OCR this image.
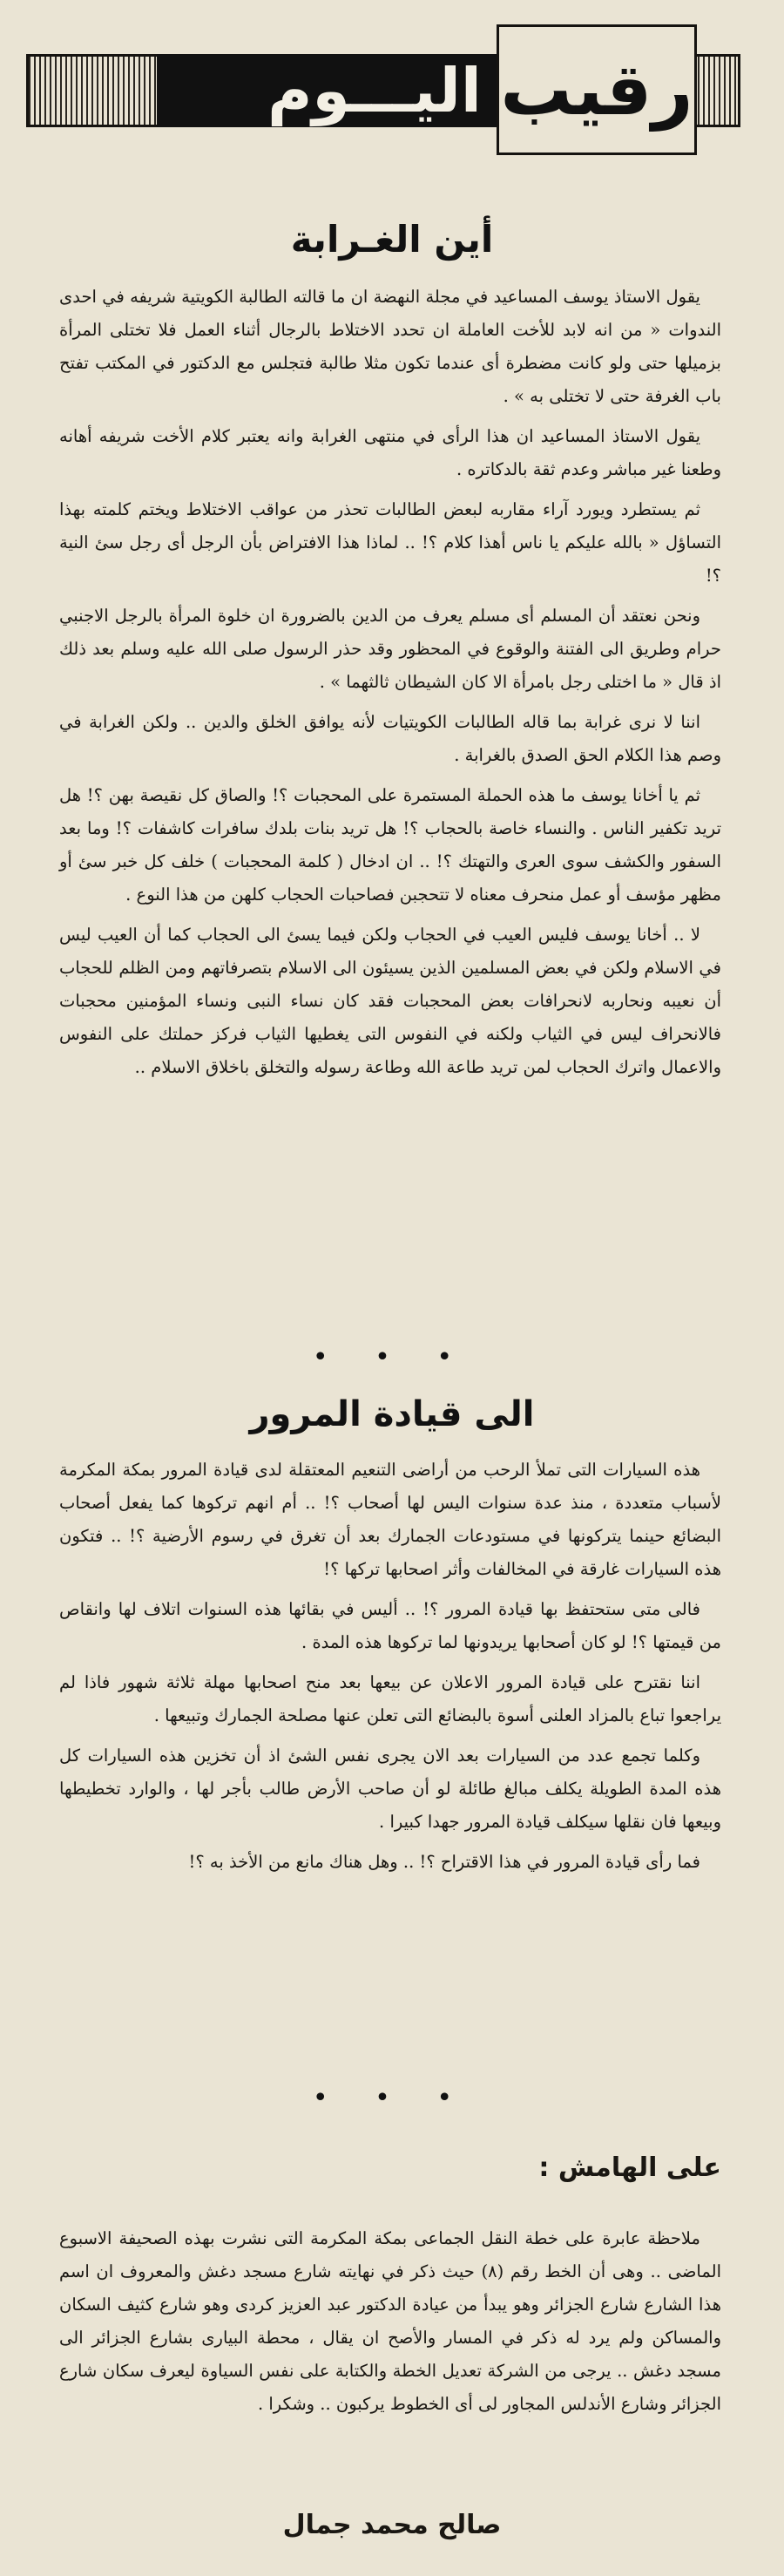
اليـــوم رقيب
أين الغـرابة

يقول الاستاذ يوسف المساعيد في مجلة النهضة ان ما قالته الطالبة الكويتية شريفه في احدى الندوات « من انه لابد للأخت العاملة ان تحدد الاختلاط بالرجال أثناء العمل فلا تختلى المرأة بزميلها حتى ولو كانت مضطرة أى عندما تكون مثلا طالبة فتجلس مع الدكتور في المكتب تفتح باب الغرفة حتى لا تختلى به » .

يقول الاستاذ المساعيد ان هذا الرأى في منتهى الغرابة وانه يعتبر كلام الأخت شريفه أهانه وطعنا غير مباشر وعدم ثقة بالدكاتره .

ثم يستطرد ويورد آراء مقاربه لبعض الطالبات تحذر من عواقب الاختلاط ويختم كلمته بهذا التساؤل « بالله عليكم يا ناس أهذا كلام ؟! .. لماذا هذا الافتراض بأن الرجل أى رجل سئ النية ؟!

ونحن نعتقد أن المسلم أى مسلم يعرف من الدين بالضرورة ان خلوة المرأة بالرجل الاجنبي حرام وطريق الى الفتنة والوقوع في المحظور وقد حذر الرسول صلى الله عليه وسلم بعد ذلك اذ قال « ما اختلى رجل بامرأة الا كان الشيطان ثالثهما » .

اننا لا نرى غرابة بما قاله الطالبات الكويتيات لأنه يوافق الخلق والدين .. ولكن الغرابة في وصم هذا الكلام الحق الصدق بالغرابة .

ثم يا أخانا يوسف ما هذه الحملة المستمرة على المحجبات ؟! والصاق كل نقيصة بهن ؟! هل تريد تكفير الناس . والنساء خاصة بالحجاب ؟! هل تريد بنات بلدك سافرات كاشفات ؟! وما بعد السفور والكشف سوى العرى والتهتك ؟! .. ان ادخال ( كلمة المحجبات ) خلف كل خبر سئ أو مظهر مؤسف أو عمل منحرف معناه لا تتحجبن فصاحبات الحجاب كلهن من هذا النوع .

لا .. أخانا يوسف فليس العيب في الحجاب ولكن فيما يسئ الى الحجاب كما أن العيب ليس في الاسلام ولكن في بعض المسلمين الذين يسيئون الى الاسلام بتصرفاتهم ومن الظلم للحجاب أن نعيبه ونحاربه لانحرافات بعض المحجبات فقد كان نساء النبى ونساء المؤمنين محجبات فالانحراف ليس في الثياب ولكنه في النفوس التى يغطيها الثياب فركز حملتك على النفوس والاعمال واترك الحجاب لمن تريد طاعة الله وطاعة رسوله والتخلق باخلاق الاسلام ..

• • •
الى قيادة المرور

هذه السيارات التى تملأ الرحب من أراضى التنعيم المعتقلة لدى قيادة المرور بمكة المكرمة لأسباب متعددة ، منذ عدة سنوات اليس لها أصحاب ؟! .. أم انهم تركوها كما يفعل أصحاب البضائع حينما يتركونها في مستودعات الجمارك بعد أن تغرق في رسوم الأرضية ؟! .. فتكون هذه السيارات غارقة في المخالفات وأثر اصحابها تركها ؟!

فالى متى ستحتفظ بها قيادة المرور ؟! .. أليس في بقائها هذه السنوات اتلاف لها وانقاص من قيمتها ؟! لو كان أصحابها يريدونها لما تركوها هذه المدة .

اننا نقترح على قيادة المرور الاعلان عن بيعها بعد منح اصحابها مهلة ثلاثة شهور فاذا لم يراجعوا تباع بالمزاد العلنى أسوة بالبضائع التى تعلن عنها مصلحة الجمارك وتبيعها .

وكلما تجمع عدد من السيارات بعد الان يجرى نفس الشئ اذ أن تخزين هذه السيارات كل هذه المدة الطويلة يكلف مبالغ طائلة لو أن صاحب الأرض طالب بأجر لها ، والوارد تخطيطها وبيعها فان نقلها سيكلف قيادة المرور جهدا كبيرا .

فما رأى قيادة المرور في هذا الاقتراح ؟! .. وهل هناك مانع من الأخذ به ؟!

• • •
على الهامش :

ملاحظة عابرة على خطة النقل الجماعى بمكة المكرمة التى نشرت بهذه الصحيفة الاسبوع الماضى .. وهى أن الخط رقم (٨) حيث ذكر في نهايته شارع مسجد دغش والمعروف ان اسم هذا الشارع شارع الجزائر وهو يبدأ من عيادة الدكتور عبد العزيز كردى وهو شارع كثيف السكان والمساكن ولم يرد له ذكر في المسار والأصح ان يقال ، محطة البيارى بشارع الجزائر الى مسجد دغش .. يرجى من الشركة تعديل الخطة والكتابة على نفس السياوة ليعرف سكان شارع الجزائر وشارع الأندلس المجاور لى أى الخطوط يركبون .. وشكرا .

صالح محمد جمال
